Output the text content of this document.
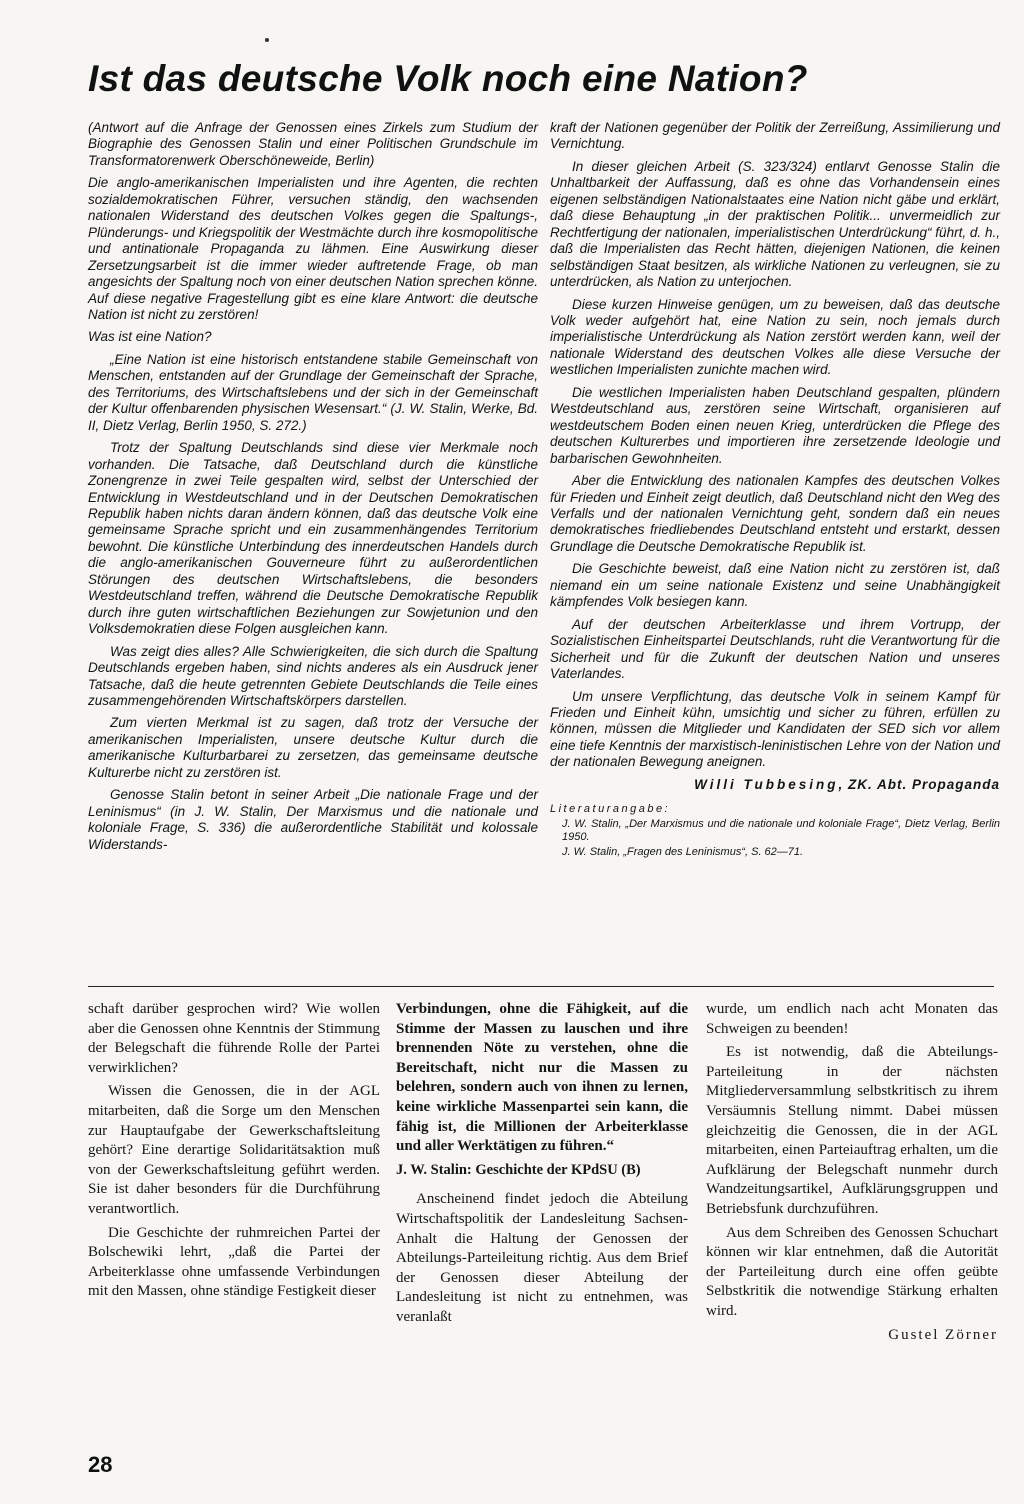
Ist das deutsche Volk noch eine Nation?

(Antwort auf die Anfrage der Genossen eines Zirkels zum Studium der Biographie des Genossen Stalin und einer Politischen Grundschule im Transformatorenwerk Oberschöneweide, Berlin)

Die anglo-amerikanischen Imperialisten und ihre Agenten, die rechten sozialdemokratischen Führer, versuchen ständig, den wachsenden nationalen Widerstand des deutschen Volkes gegen die Spaltungs-, Plünderungs- und Kriegspolitik der Westmächte durch ihre kosmopolitische und antinationale Propaganda zu lähmen. Eine Auswirkung dieser Zersetzungsarbeit ist die immer wieder auftretende Frage, ob man angesichts der Spaltung noch von einer deutschen Nation sprechen könne. Auf diese negative Fragestellung gibt es eine klare Antwort: die deutsche Nation ist nicht zu zerstören!

Was ist eine Nation?

„Eine Nation ist eine historisch entstandene stabile Gemeinschaft von Menschen, entstanden auf der Grundlage der Gemeinschaft der Sprache, des Territoriums, des Wirtschaftslebens und der sich in der Gemeinschaft der Kultur offenbarenden physischen Wesensart.“ (J. W. Stalin, Werke, Bd. II, Dietz Verlag, Berlin 1950, S. 272.)

Trotz der Spaltung Deutschlands sind diese vier Merkmale noch vorhanden. Die Tatsache, daß Deutschland durch die künstliche Zonengrenze in zwei Teile gespalten wird, selbst der Unterschied der Entwicklung in Westdeutschland und in der Deutschen Demokratischen Republik haben nichts daran ändern können, daß das deutsche Volk eine gemeinsame Sprache spricht und ein zusammenhängendes Territorium bewohnt. Die künstliche Unterbindung des innerdeutschen Handels durch die anglo-amerikanischen Gouverneure führt zu außerordentlichen Störungen des deutschen Wirtschaftslebens, die besonders Westdeutschland treffen, während die Deutsche Demokratische Republik durch ihre guten wirtschaftlichen Beziehungen zur Sowjetunion und den Volksdemokratien diese Folgen ausgleichen kann.

Was zeigt dies alles? Alle Schwierigkeiten, die sich durch die Spaltung Deutschlands ergeben haben, sind nichts anderes als ein Ausdruck jener Tatsache, daß die heute getrennten Gebiete Deutschlands die Teile eines zusammengehörenden Wirtschaftskörpers darstellen.

Zum vierten Merkmal ist zu sagen, daß trotz der Versuche der amerikanischen Imperialisten, unsere deutsche Kultur durch die amerikanische Kulturbarbarei zu zersetzen, das gemeinsame deutsche Kulturerbe nicht zu zerstören ist.

Genosse Stalin betont in seiner Arbeit „Die nationale Frage und der Leninismus“ (in J. W. Stalin, Der Marxismus und die nationale und koloniale Frage, S. 336) die außerordentliche Stabilität und kolossale Widerstands-

kraft der Nationen gegenüber der Politik der Zerreißung, Assimilierung und Vernichtung.

In dieser gleichen Arbeit (S. 323/324) entlarvt Genosse Stalin die Unhaltbarkeit der Auffassung, daß es ohne das Vorhandensein eines eigenen selbständigen Nationalstaates eine Nation nicht gäbe und erklärt, daß diese Behauptung „in der praktischen Politik... unvermeidlich zur Rechtfertigung der nationalen, imperialistischen Unterdrückung“ führt, d. h., daß die Imperialisten das Recht hätten, diejenigen Nationen, die keinen selbständigen Staat besitzen, als wirkliche Nationen zu verleugnen, sie zu unterdrücken, als Nation zu unterjochen.

Diese kurzen Hinweise genügen, um zu beweisen, daß das deutsche Volk weder aufgehört hat, eine Nation zu sein, noch jemals durch imperialistische Unterdrückung als Nation zerstört werden kann, weil der nationale Widerstand des deutschen Volkes alle diese Versuche der westlichen Imperialisten zunichte machen wird.

Die westlichen Imperialisten haben Deutschland gespalten, plündern Westdeutschland aus, zerstören seine Wirtschaft, organisieren auf westdeutschem Boden einen neuen Krieg, unterdrücken die Pflege des deutschen Kulturerbes und importieren ihre zersetzende Ideologie und barbarischen Gewohnheiten.

Aber die Entwicklung des nationalen Kampfes des deutschen Volkes für Frieden und Einheit zeigt deutlich, daß Deutschland nicht den Weg des Verfalls und der nationalen Vernichtung geht, sondern daß ein neues demokratisches friedliebendes Deutschland entsteht und erstarkt, dessen Grundlage die Deutsche Demokratische Republik ist.

Die Geschichte beweist, daß eine Nation nicht zu zerstören ist, daß niemand ein um seine nationale Existenz und seine Unabhängigkeit kämpfendes Volk besiegen kann.

Auf der deutschen Arbeiterklasse und ihrem Vortrupp, der Sozialistischen Einheitspartei Deutschlands, ruht die Verantwortung für die Sicherheit und für die Zukunft der deutschen Nation und unseres Vaterlandes.

Um unsere Verpflichtung, das deutsche Volk in seinem Kampf für Frieden und Einheit kühn, umsichtig und sicher zu führen, erfüllen zu können, müssen die Mitglieder und Kandidaten der SED sich vor allem eine tiefe Kenntnis der marxistisch-leninistischen Lehre von der Nation und der nationalen Bewegung aneignen.

Willi Tubbesing, ZK. Abt. Propaganda

Literaturangabe:

J. W. Stalin, „Der Marxismus und die nationale und koloniale Frage“, Dietz Verlag, Berlin 1950.

J. W. Stalin, „Fragen des Leninismus“, S. 62—71.

schaft darüber gesprochen wird? Wie wollen aber die Genossen ohne Kenntnis der Stimmung der Belegschaft die führende Rolle der Partei verwirklichen?

Wissen die Genossen, die in der AGL mitarbeiten, daß die Sorge um den Menschen zur Hauptaufgabe der Gewerkschaftsleitung gehört? Eine derartige Solidaritätsaktion muß von der Gewerkschaftsleitung geführt werden. Sie ist daher besonders für die Durchführung verantwortlich.

Die Geschichte der ruhmreichen Partei der Bolschewiki lehrt, „daß die Partei der Arbeiterklasse ohne umfassende Verbindungen mit den Massen, ohne ständige Festigkeit dieser

Verbindungen, ohne die Fähigkeit, auf die Stimme der Massen zu lauschen und ihre brennenden Nöte zu verstehen, ohne die Bereitschaft, nicht nur die Massen zu belehren, sondern auch von ihnen zu lernen, keine wirkliche Massenpartei sein kann, die fähig ist, die Millionen der Arbeiterklasse und aller Werktätigen zu führen.“

J. W. Stalin: Geschichte der KPdSU (B)

Anscheinend findet jedoch die Abteilung Wirtschaftspolitik der Landesleitung Sachsen-Anhalt die Haltung der Genossen der Abteilungs-Parteileitung richtig. Aus dem Brief der Genossen dieser Abteilung der Landesleitung ist nicht zu entnehmen, was veranlaßt

wurde, um endlich nach acht Monaten das Schweigen zu beenden!

Es ist notwendig, daß die Abteilungs-Parteileitung in der nächsten Mitgliederversammlung selbstkritisch zu ihrem Versäumnis Stellung nimmt. Dabei müssen gleichzeitig die Genossen, die in der AGL mitarbeiten, einen Parteiauftrag erhalten, um die Aufklärung der Belegschaft nunmehr durch Wandzeitungsartikel, Aufklärungsgruppen und Betriebsfunk durchzuführen.

Aus dem Schreiben des Genossen Schuchart können wir klar entnehmen, daß die Autorität der Parteileitung durch eine offen geübte Selbstkritik die notwendige Stärkung erhalten wird.

Gustel Zörner

28
